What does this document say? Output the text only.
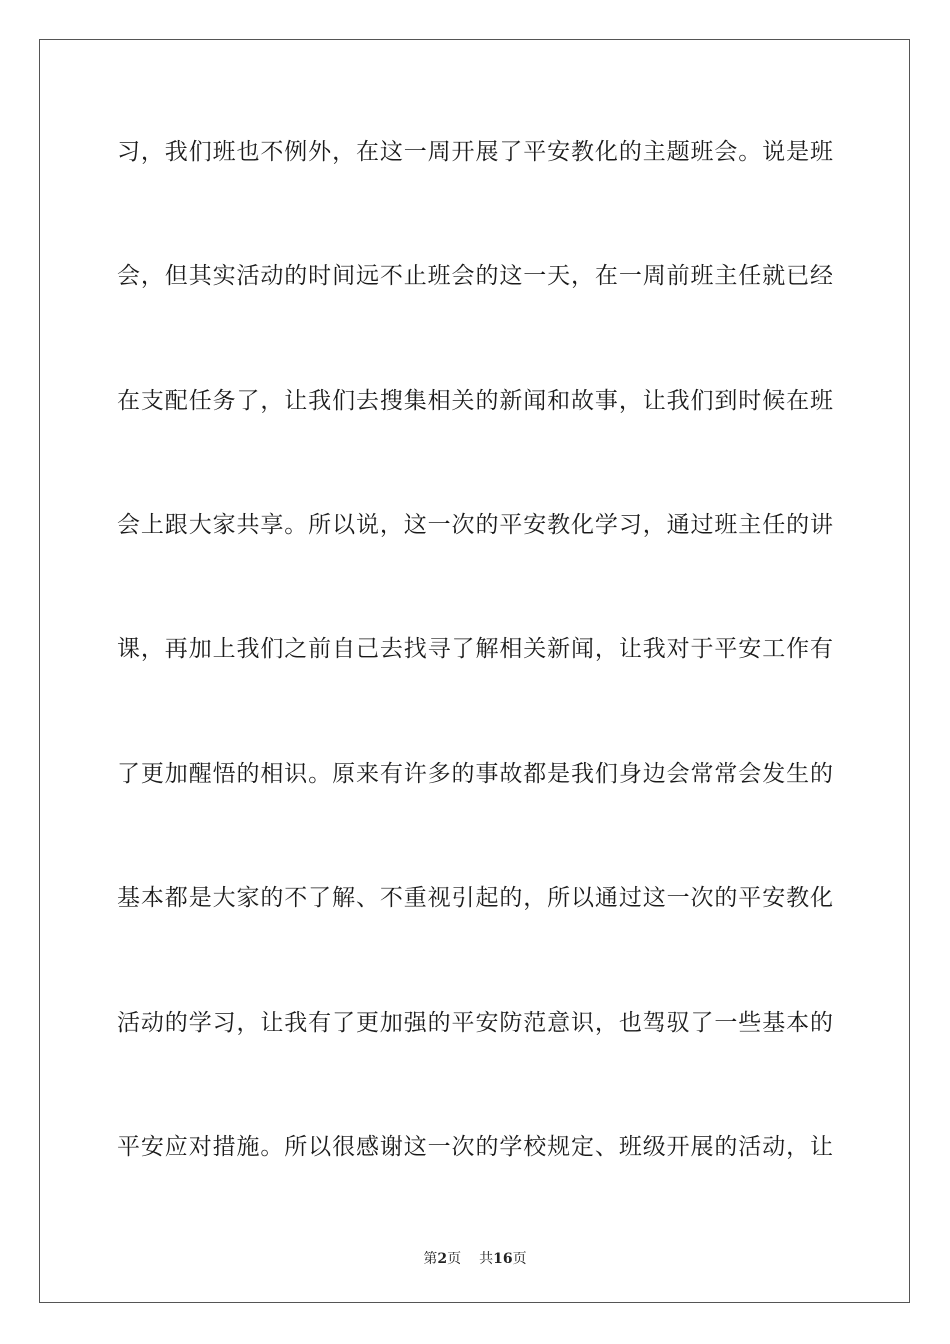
习，我们班也不例外，在这一周开展了平安教化的主题班会。说是班
会，但其实活动的时间远不止班会的这一天，在一周前班主任就已经
在支配任务了，让我们去搜集相关的新闻和故事，让我们到时候在班
会上跟大家共享。所以说，这一次的平安教化学习，通过班主任的讲
课，再加上我们之前自己去找寻了解相关新闻，让我对于平安工作有
了更加醒悟的相识。原来有许多的事故都是我们身边会常常会发生的
基本都是大家的不了解、不重视引起的，所以通过这一次的平安教化
活动的学习，让我有了更加强的平安防范意识，也驾驭了一些基本的
平安应对措施。所以很感谢这一次的学校规定、班级开展的活动，让
第2页 共16页
